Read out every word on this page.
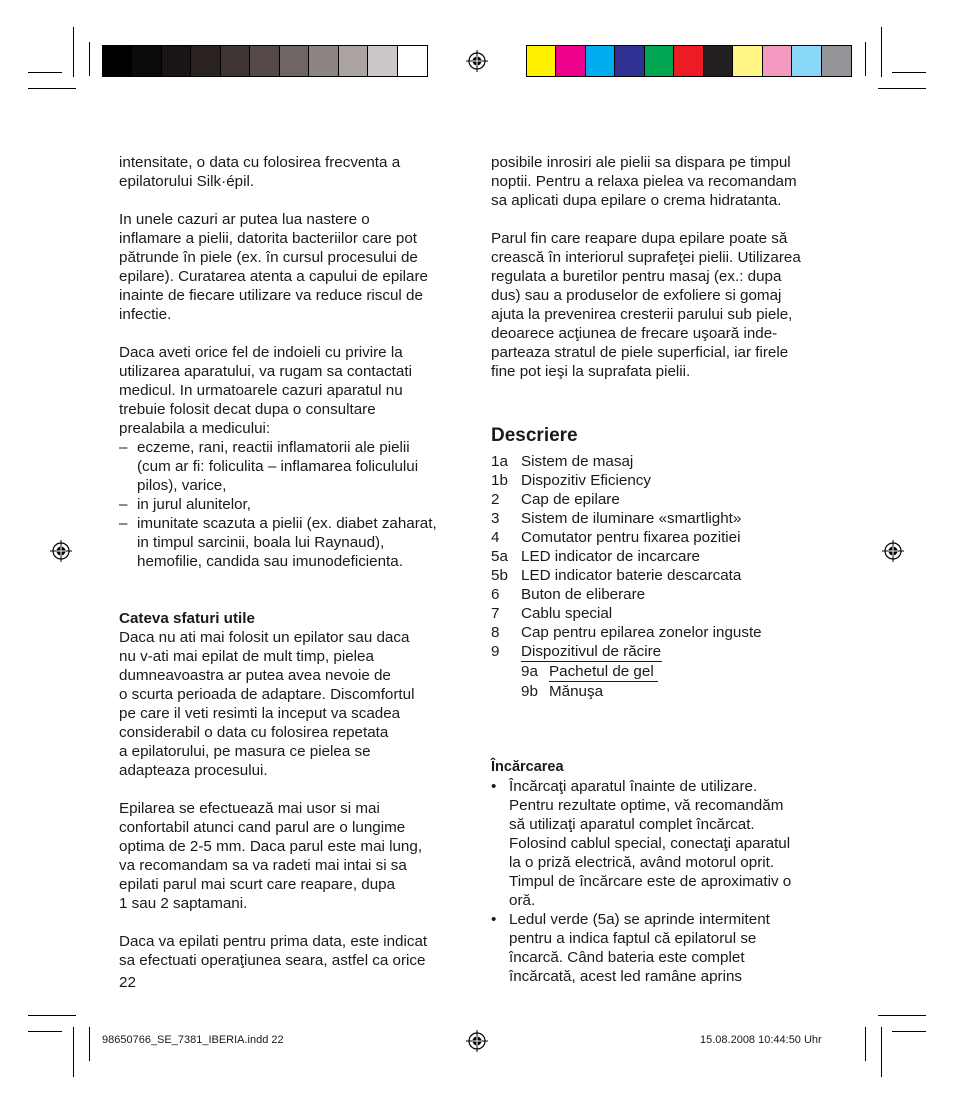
intensitate, o data cu folosirea frecventa a
epilatorului Silk·épil.
In unele cazuri ar putea lua nastere o
inflamare a pielii, datorita bacteriilor care pot
pătrunde în piele (ex. în cursul procesului de
epilare). Curatarea atenta a capului de epilare
inainte de fiecare utilizare va reduce riscul de
infectie.
Daca aveti orice fel de indoieli cu privire la
utilizarea aparatului, va rugam sa contactati
medicul. In urmatoarele cazuri aparatul nu
trebuie folosit decat dupa o consultare
prealabila a medicului:
– eczeme, rani, reactii inflamatorii ale pielii
(cum ar fi: foliculita – inflamarea foliculului
pilos), varice,
– in jurul alunitelor,
– imunitate scazuta a pielii (ex. diabet zaharat,
in timpul sarcinii, boala lui Raynaud),
hemofilie, candida sau imunodeficienta.
Cateva sfaturi utile
Daca nu ati mai folosit un epilator sau daca
nu v-ati mai epilat de mult timp, pielea
dumneavoastra ar putea avea nevoie de
o scurta perioada de adaptare. Discomfortul
pe care il veti resimti la inceput va scadea
considerabil o data cu folosirea repetata
a epilatorului, pe masura ce pielea se
adapteaza procesului.
Epilarea se efectuează mai usor si mai
confortabil atunci cand parul are o lungime
optima de 2-5 mm. Daca parul este mai lung,
va recomandam sa va radeti mai intai si sa
epilati parul mai scurt care reapare, dupa
1 sau 2 saptamani.
Daca va epilati pentru prima data, este indicat
sa efectuati operaţiunea seara, astfel ca orice
posibile inrosiri ale pielii sa dispara pe timpul
noptii. Pentru a relaxa pielea va recomandam
sa aplicati dupa epilare o crema hidratanta.
Parul fin care reapare dupa epilare poate să
crească în interiorul suprafeţei pielii. Utilizarea
regulata a buretilor pentru masaj (ex.: dupa
dus) sau a produselor de exfoliere si gomaj
ajuta la prevenirea cresterii parului sub piele,
deoarece acţiunea de frecare uşoară inde-
parteaza stratul de piele superficial, iar firele
fine pot ieşi la suprafata pielii.
Descriere
1a Sistem de masaj
1b Dispozitiv Eficiency
2	Cap de epilare
3	Sistem de iluminare «smartlight»
4	Comutator pentru fixarea pozitiei
5a LED indicator de incarcare
5b LED indicator baterie descarcata
6	Buton de eliberare
7	Cablu special
8	Cap pentru epilarea zonelor inguste
9	Dispozitivul de răcire
9a Pachetul de gel
9b Mănuşa
Încărcarea
• Încărcaţi aparatul înainte de utilizare.
Pentru rezultate optime, vă recomandăm
să utilizaţi aparatul complet încărcat.
Folosind cablul special, conectaţi aparatul
la o priză electrică, având motorul oprit.
Timpul de încărcare este de aproximativ o
oră.
• Ledul verde (5a) se aprinde intermitent
pentru a indica faptul că epilatorul se
încarcă. Când bateria este complet
încărcată, acest led ramâne aprins
22
98650766_SE_7381_IBERIA.indd 22	15.08.2008 10:44:50 Uhr
